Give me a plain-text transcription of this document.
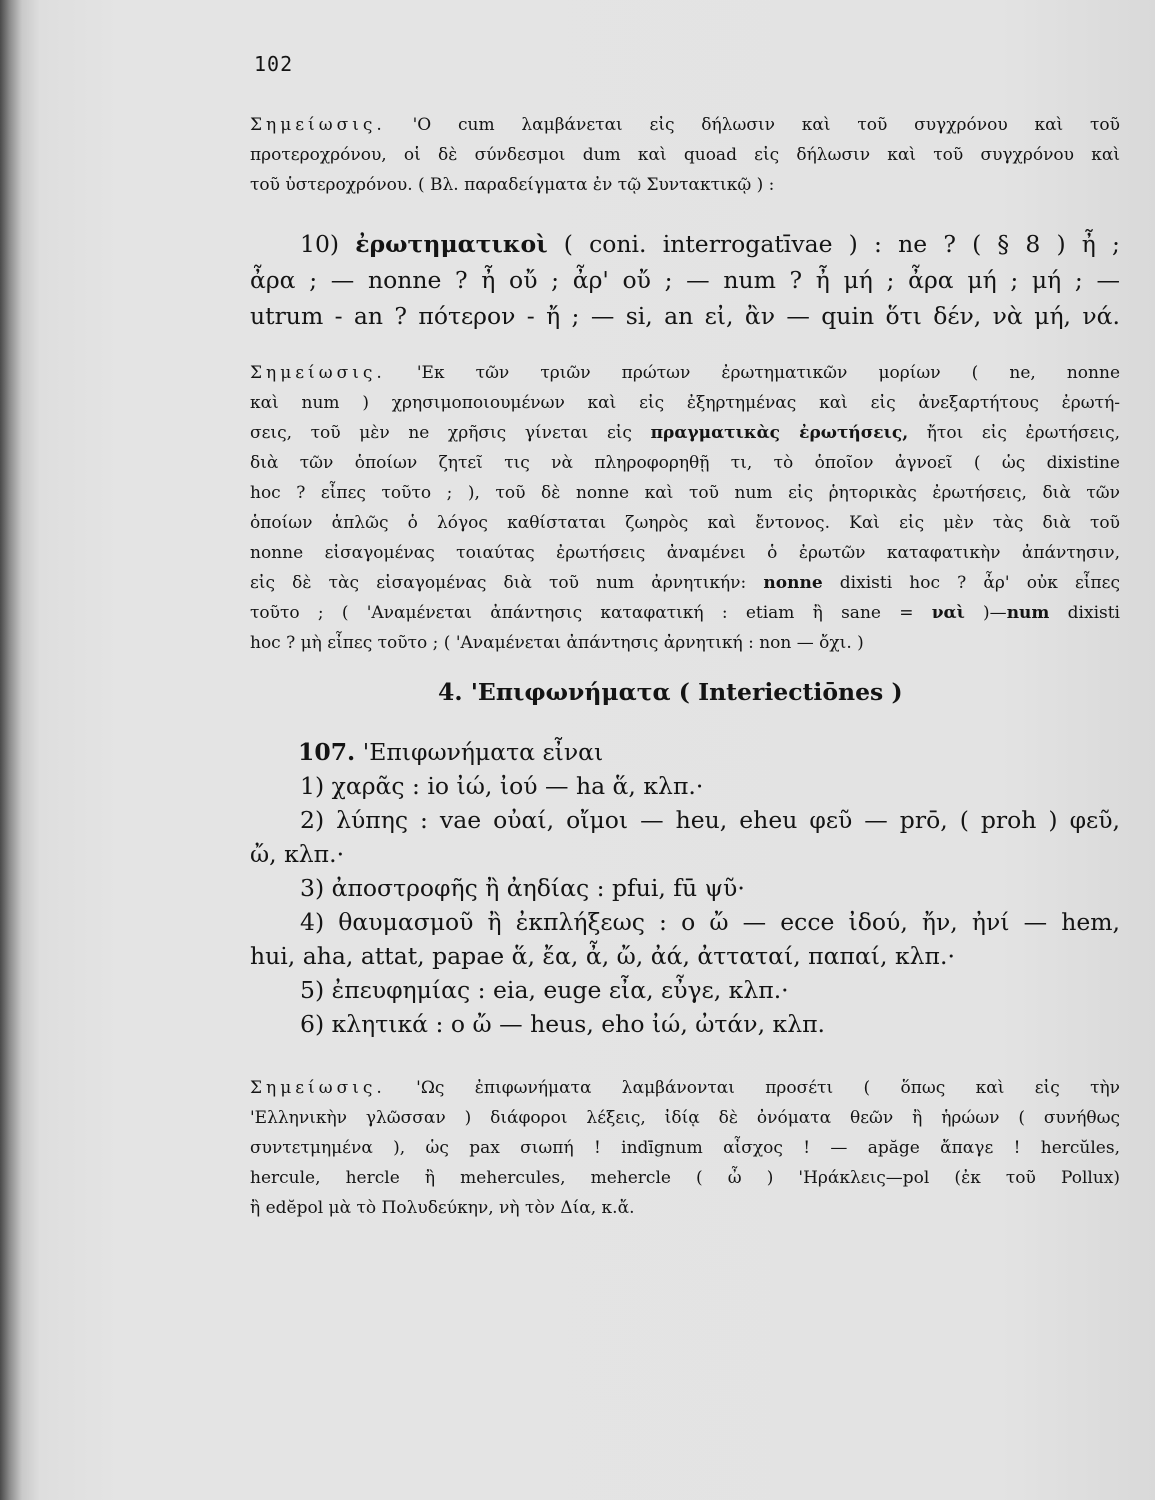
102
Σημείωσις. 'Ο cum λαμβάνεται εἰς δήλωσιν καὶ τοῦ συγχρόνου καὶ τοῦ
προτεροχρόνου, οἱ δὲ σύνδεσμοι dum καὶ quoad εἰς δήλωσιν καὶ τοῦ συγχρόνου καὶ
τοῦ ὑστεροχρόνου. ( Βλ. παραδείγματα ἐν τῷ Συντακτικῷ ) :
10) ἐρωτηματικοὶ ( coni. interrogatīvae ) : ne ? ( § 8 ) ἦ ;
ἆρα ; — nonne ? ἦ οὔ ; ἆρ' οὔ ; — num ? ἦ μή ; ἆρα μή ; μή ; —
utrum - an ? πότερον - ἤ ; — si, an εἰ, ἂν — quin ὅτι δέν, νὰ μή, νά.
Σημείωσις. 'Εκ τῶν τριῶν πρώτων ἐρωτηματικῶν μορίων ( ne, nonne
καὶ num ) χρησιμοποιουμένων καὶ εἰς ἐξηρτημένας καὶ εἰς ἀνεξαρτήτους ἐρωτή-
σεις, τοῦ μὲν ne χρῆσις γίνεται εἰς πραγματικὰς ἐρωτήσεις, ἤτοι εἰς ἐρωτήσεις,
διὰ τῶν ὁποίων ζητεῖ τις νὰ πληροφορηθῇ τι, τὸ ὁποῖον ἀγνοεῖ ( ὡς dixistine
hoc ? εἶπες τοῦτο ; ), τοῦ δὲ nonne καὶ τοῦ num εἰς ῥητορικὰς ἐρωτήσεις, διὰ τῶν
ὁποίων ἁπλῶς ὁ λόγος καθίσταται ζωηρὸς καὶ ἔντονος. Καὶ εἰς μὲν τὰς διὰ τοῦ
nonne εἰσαγομένας τοιαύτας ἐρωτήσεις ἀναμένει ὁ ἐρωτῶν καταφατικὴν ἀπάντησιν,
εἰς δὲ τὰς εἰσαγομένας διὰ τοῦ num ἀρνητικήν: nonne dixisti hoc ? ἆρ' οὐκ εἶπες
τοῦτο ; ( 'Αναμένεται ἀπάντησις καταφατική : etiam ἢ sane = ναὶ )—num dixisti
hoc ? μὴ εἶπες τοῦτο ; ( 'Αναμένεται ἀπάντησις ἀρνητική : non — ὄχι. )
4. 'Επιφωνήματα ( Interiectiōnes )
107. 'Επιφωνήματα εἶναι
1) χαρᾶς : io ἰώ, ἰού — ha ἅ, κλπ.·
2) λύπης : vae οὐαί, οἴμοι — heu, eheu φεῦ — prō, ( proh ) φεῦ,
ὤ, κλπ.·
3) ἀποστροφῆς ἢ ἀηδίας : pfui, fū ψῦ·
4) θαυμασμοῦ ἢ ἐκπλήξεως : o ὤ — ecce ἰδού, ἤν, ἠνί — hem,
hui, aha, attat, papae ἅ, ἔα, ἆ, ὤ, ἀά, ἀτταταί, παπαί, κλπ.·
5) ἐπευφημίας : eia, euge εἶα, εὖγε, κλπ.·
6) κλητικά : o ὤ — heus, eho ἰώ, ὠτάν, κλπ.
Σημείωσις. 'Ως ἐπιφωνήματα λαμβάνονται προσέτι ( ὅπως καὶ εἰς τὴν
'Ελληνικὴν γλῶσσαν ) διάφοροι λέξεις, ἰδίᾳ δὲ ὀνόματα θεῶν ἢ ἡρώων ( συνήθως
συντετμημένα ), ὡς pax σιωπή ! indīgnum αἶσχος ! — apăge ἄπαγε ! hercŭles,
hercule, hercle ἢ mehercules, mehercle ( ὦ ) 'Ηράκλεις—pol (ἐκ τοῦ Pollux)
ἢ edĕpol μὰ τὸ Πολυδεύκην, νὴ τὸν Δία, κ.ἄ.
